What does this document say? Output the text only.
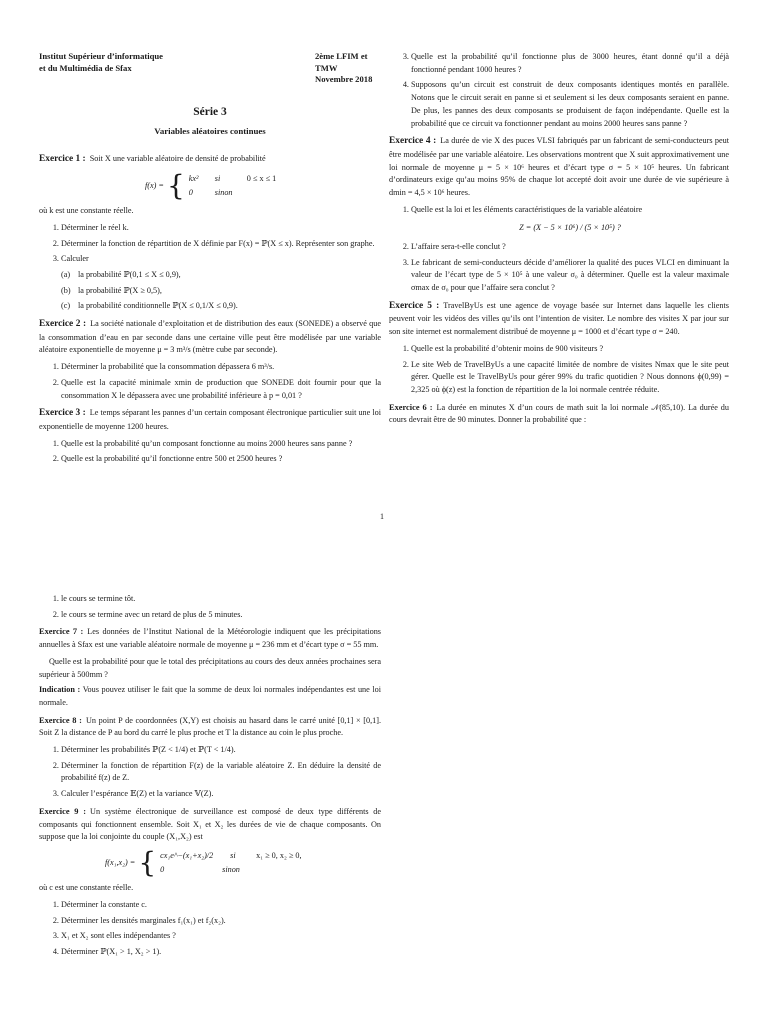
Institut Supérieur d’informatique
et du Multimédia de Sfax
2ème LFIM et TMW
Novembre 2018
Série 3
Variables aléatoires continues

Exercice 1 : Soit X une variable aléatoire de densité de probabilité

f(x) = { kx²	si	0 ≤ x ≤ 1
0	sinon

où k est une constante réelle.

1. Déterminer le réel k.
2. Déterminer la fonction de répartition de X définie par F(x) = ℙ(X ≤ x). Représenter son graphe.
3. Calculer
(a) la probabilité ℙ(0,1 ≤ X ≤ 0,9),
(b) la probabilité ℙ(X ≥ 0,5),
(c) la probabilité conditionnelle ℙ(X ≤ 0,1/X ≤ 0,9).

Exercice 2 : La société nationale d’exploitation et de distribution des eaux (SONEDE) a observé que la consommation d’eau en par seconde dans une certaine ville peut être modélisée par une variable aléatoire exponentielle de moyenne μ = 3 m³/s (mètre cube par seconde).

1. Déterminer la probabilité que la consommation dépassera 6 m³/s.
2. Quelle est la capacité minimale xmin de production que SONEDE doit fournir pour que la consommation X le dépassera avec une probabilité inférieure à p = 0,01 ?

Exercice 3 : Le temps séparant les pannes d’un certain composant électronique particulier suit une loi exponentielle de moyenne 1200 heures.

1. Quelle est la probabilité qu’un composant fonctionne au moins 2000 heures sans panne ?
2. Quelle est la probabilité qu’il fonctionne entre 500 et 2500 heures ?
3. Quelle est la probabilité qu’il fonctionne plus de 3000 heures, étant donné qu’il a déjà fonctionné pendant 1000 heures ?
4. Supposons qu’un circuit est construit de deux composants identiques montés en parallèle. Notons que le circuit serait en panne si et seulement si les deux composants seraient en panne. De plus, les pannes des deux composants se produisent de façon indépendante. Quelle est la probabilité que ce circuit va fonctionner pendant au moins 2000 heures sans panne ?

Exercice 4 : La durée de vie X des puces VLSI fabriqués par un fabricant de semi-conducteurs peut être modélisée par une variable aléatoire. Les observations montrent que X suit approximativement une loi normale de moyenne μ = 5 × 10⁶ heures et d’écart type σ = 5 × 10⁵ heures. Un fabricant d’ordinateurs exige qu’au moins 95% de chaque lot accepté doit avoir une durée de vie supérieure à dmin = 4,5 × 10⁶ heures.

1. Quelle est la loi et les éléments caractéristiques de la variable aléatoire
Z = (X − 5 × 10⁶) / (5 × 10⁵) ?
2. L’affaire sera-t-elle conclut ?
3. Le fabricant de semi-conducteurs décide d’améliorer la qualité des puces VLCI en diminuant la valeur de l’écart type de 5 × 10⁵ à une valeur σ₀ à déterminer. Quelle est la valeur maximale σmax de σ₀ pour que l’affaire sera conclut ?

Exercice 5 : TravelByUs est une agence de voyage basée sur Internet dans laquelle les clients peuvent voir les vidéos des villes qu’ils ont l’intention de visiter. Le nombre des visites X par jour sur son site internet est normalement distribué de moyenne μ = 1000 et d’écart type σ = 240.

1. Quelle est la probabilité d’obtenir moins de 900 visiteurs ?
2. Le site Web de TravelByUs a une capacité limitée de nombre de visites Nmax que le site peut gérer. Quelle est le TravelByUs pour gérer 99% du trafic quotidien ? Nous donnons ϕ(0,99) = 2,325 où ϕ(z) est la fonction de répartition de la loi normale centrée réduite.

Exercice 6 : La durée en minutes X d’un cours de math suit la loi normale 𝒩(85,10). La durée du cours devrait être de 90 minutes. Donner la probabilité que :

1
1. le cours se termine tôt.
2. le cours se termine avec un retard de plus de 5 minutes.

Exercice 7 : Les données de l’Institut National de la Météorologie indiquent que les précipitations annuelles à Sfax est une variable aléatoire normale de moyenne μ = 236 mm et d’écart type σ = 55 mm.

Quelle est la probabilité pour que le total des précipitations au cours des deux années prochaines sera supérieur à 500mm ?

Indication : Vous pouvez utiliser le fait que la somme de deux loi normales indépendantes est une loi normale.

Exercice 8 : Un point P de coordonnées (X,Y) est choisis au hasard dans le carré unité [0,1] × [0,1]. Soit Z la distance de P au bord du carré le plus proche et T la distance au coin le plus proche.

1. Déterminer les probabilités ℙ(Z < 1/4) et ℙ(T < 1/4).
2. Déterminer la fonction de répartition F(z) de la variable aléatoire Z. En déduire la densité de probabilité f(z) de Z.
3. Calculer l’espérance 𝔼(Z) et la variance 𝕍(Z).

Exercice 9 : Un système électronique de surveillance est composé de deux type différents de composants qui fonctionnent ensemble. Soit X₁ et X₂ les durées de vie de chaque composants. On suppose que la loi conjointe du couple (X₁,X₂) est

f(x₁,x₂) = { cx₁e^−(x₁+x₂)/2	si	x₁ ≥ 0, x₂ ≥ 0,
0	sinon

où c est une constante réelle.

1. Déterminer la constante c.
2. Déterminer les densités marginales f₁(x₁) et f₂(x₂).
3. X₁ et X₂ sont elles indépendantes ?
4. Déterminer ℙ(X₁ > 1, X₂ > 1).
